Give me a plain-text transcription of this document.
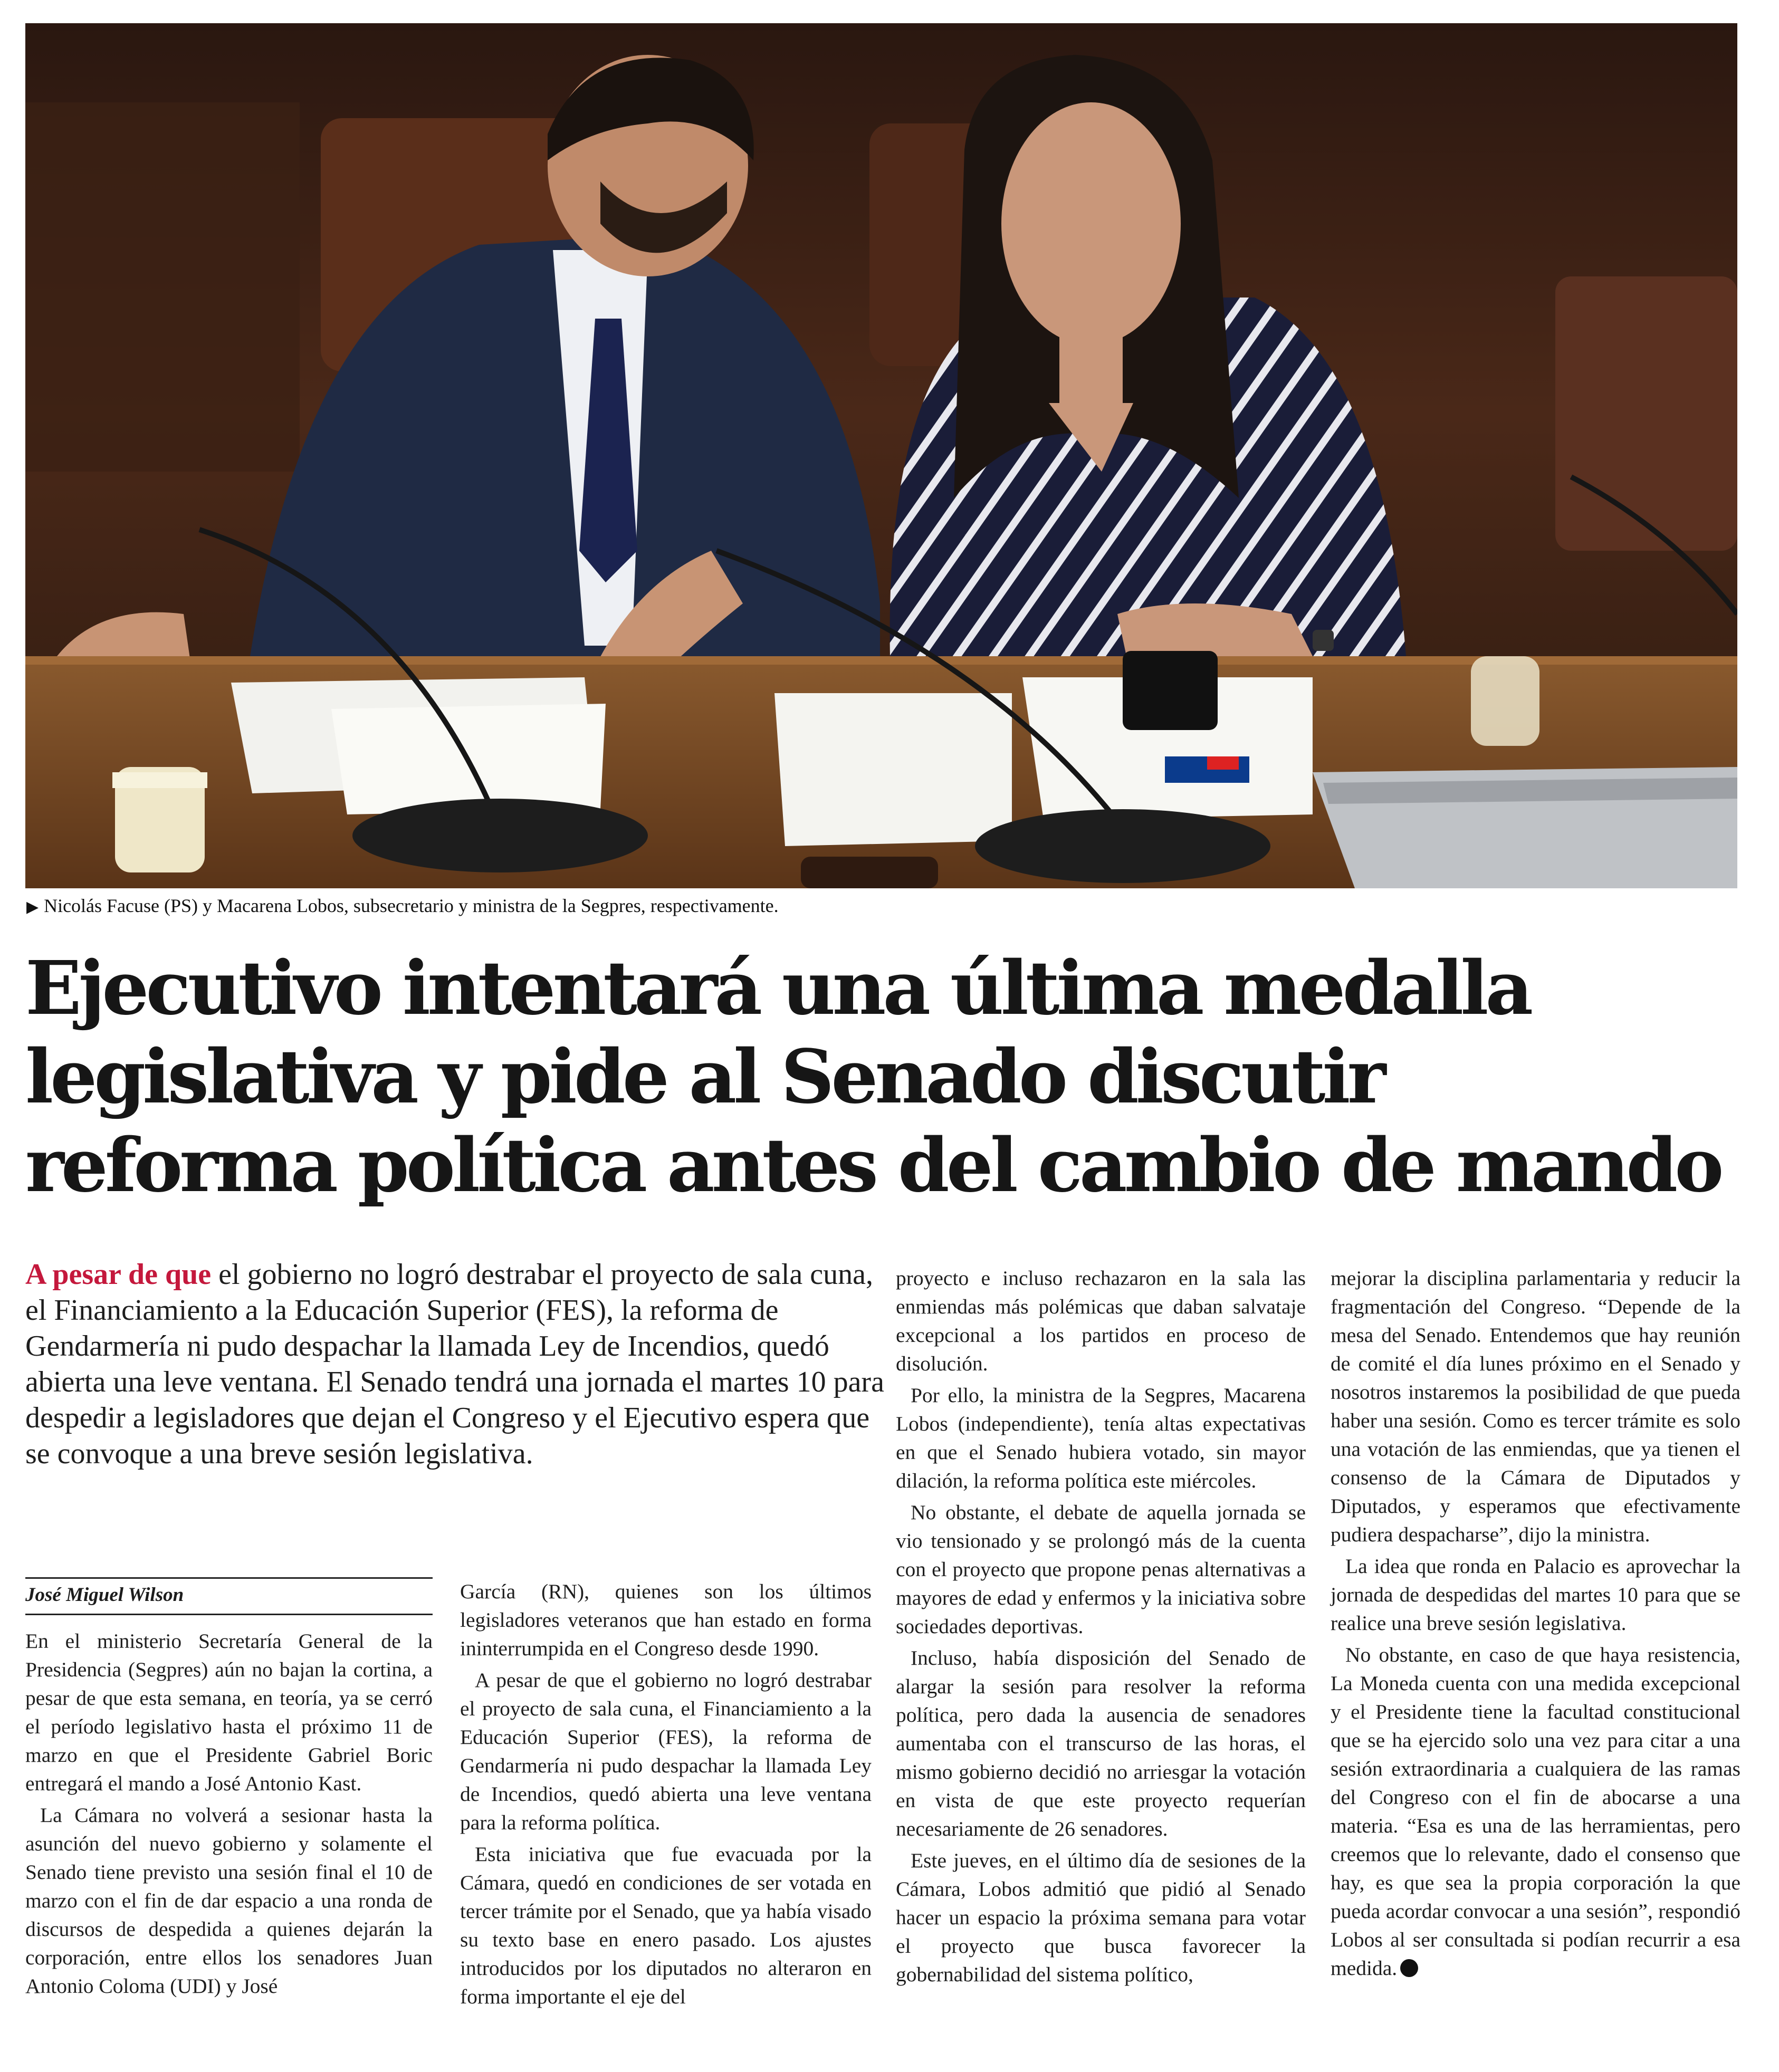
▶ Nicolás Facuse (PS) y Macarena Lobos, subsecretario y ministra de la Segpres, respectivamente.
Ejecutivo intentará una última medalla
legislativa y pide al Senado discutir
reforma política antes del cambio de mando
A pesar de que el gobierno no logró destrabar el proyecto de sala cuna, el Financiamiento a la Educación Superior (FES), la reforma de Gendarmería ni pudo despachar la llamada Ley de Incendios, quedó abierta una leve ventana. El Senado tendrá una jornada el martes 10 para despedir a legisladores que dejan el Congreso y el Ejecutivo espera que se convoque a una breve sesión legislativa.
José Miguel Wilson

En el ministerio Secretaría General de la Presidencia (Segpres) aún no bajan la cortina, a pesar de que esta semana, en teoría, ya se cerró el período legislativo hasta el próximo 11 de marzo en que el Presidente Gabriel Boric entregará el mando a José Antonio Kast.

La Cámara no volverá a sesionar hasta la asunción del nuevo gobierno y solamente el Senado tiene previsto una sesión final el 10 de marzo con el fin de dar espacio a una ronda de discursos de despedida a quienes dejarán la corporación, entre ellos los senadores Juan Antonio Coloma (UDI) y José

García (RN), quienes son los últimos legisladores veteranos que han estado en forma ininterrumpida en el Congreso desde 1990.

A pesar de que el gobierno no logró destrabar el proyecto de sala cuna, el Financiamiento a la Educación Superior (FES), la reforma de Gendarmería ni pudo despachar la llamada Ley de Incendios, quedó abierta una leve ventana para la reforma política.

Esta iniciativa que fue evacuada por la Cámara, quedó en condiciones de ser votada en tercer trámite por el Senado, que ya había visado su texto base en enero pasado. Los ajustes introducidos por los diputados no alteraron en forma importante el eje del

proyecto e incluso rechazaron en la sala las enmiendas más polémicas que daban salvataje excepcional a los partidos en proceso de disolución.

Por ello, la ministra de la Segpres, Macarena Lobos (independiente), tenía altas expectativas en que el Senado hubiera votado, sin mayor dilación, la reforma política este miércoles.

No obstante, el debate de aquella jornada se vio tensionado y se prolongó más de la cuenta con el proyecto que propone penas alternativas a mayores de edad y enfermos y la iniciativa sobre sociedades deportivas.

Incluso, había disposición del Senado de alargar la sesión para resolver la reforma política, pero dada la ausencia de senadores aumentaba con el transcurso de las horas, el mismo gobierno decidió no arriesgar la votación en vista de que este proyecto requerían necesariamente de 26 senadores.

Este jueves, en el último día de sesiones de la Cámara, Lobos admitió que pidió al Senado hacer un espacio la próxima semana para votar el proyecto que busca favorecer la gobernabilidad del sistema político,

mejorar la disciplina parlamentaria y reducir la fragmentación del Congreso. “Depende de la mesa del Senado. Entendemos que hay reunión de comité el día lunes próximo en el Senado y nosotros instaremos la posibilidad de que pueda haber una sesión. Como es tercer trámite es solo una votación de las enmiendas, que ya tienen el consenso de la Cámara de Diputados y Diputados, y esperamos que efectivamente pudiera despacharse”, dijo la ministra.

La idea que ronda en Palacio es aprovechar la jornada de despedidas del martes 10 para que se realice una breve sesión legislativa.

No obstante, en caso de que haya resistencia, La Moneda cuenta con una medida excepcional y el Presidente tiene la facultad constitucional que se ha ejercido solo una vez para citar a una sesión extraordinaria a cualquiera de las ramas del Congreso con el fin de abocarse a una materia. “Esa es una de las herramientas, pero creemos que lo relevante, dado el consenso que hay, es que sea la propia corporación la que pueda acordar convocar a una sesión”, respondió Lobos al ser consultada si podían recurrir a esa medida.
